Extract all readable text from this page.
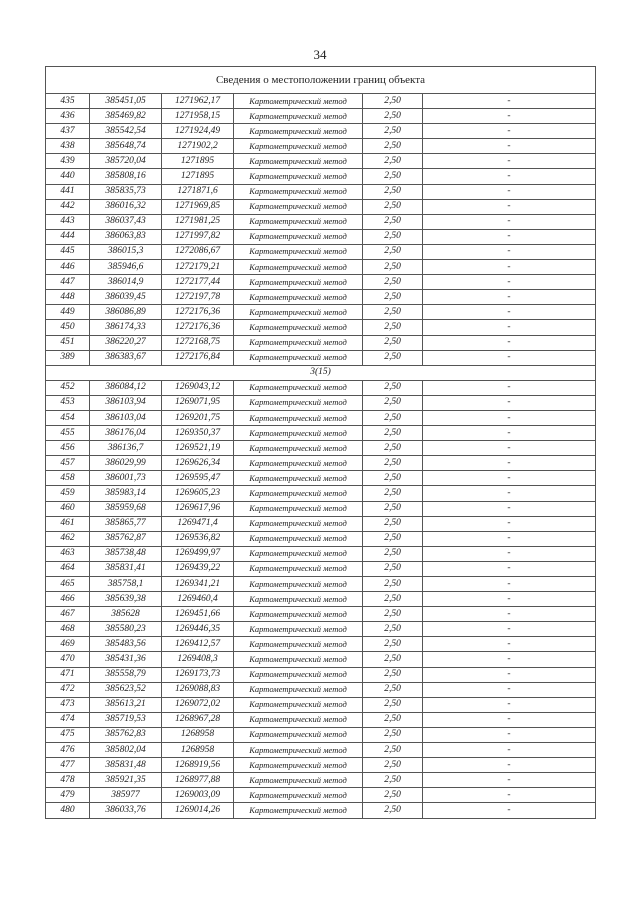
34
Сведения о местоположении границ объекта					
435	385451,05	1271962,17	Картометрический метод	2,50	-
436	385469,82	1271958,15	Картометрический метод	2,50	-
437	385542,54	1271924,49	Картометрический метод	2,50	-
438	385648,74	1271902,2	Картометрический метод	2,50	-
439	385720,04	1271895	Картометрический метод	2,50	-
440	385808,16	1271895	Картометрический метод	2,50	-
441	385835,73	1271871,6	Картометрический метод	2,50	-
442	386016,32	1271969,85	Картометрический метод	2,50	-
443	386037,43	1271981,25	Картометрический метод	2,50	-
444	386063,83	1271997,82	Картометрический метод	2,50	-
445	386015,3	1272086,67	Картометрический метод	2,50	-
446	385946,6	1272179,21	Картометрический метод	2,50	-
447	386014,9	1272177,44	Картометрический метод	2,50	-
448	386039,45	1272197,78	Картометрический метод	2,50	-
449	386086,89	1272176,36	Картометрический метод	2,50	-
450	386174,33	1272176,36	Картометрический метод	2,50	-
451	386220,27	1272168,75	Картометрический метод	2,50	-
389	386383,67	1272176,84	Картометрический метод	2,50	-
3(15)					
452	386084,12	1269043,12	Картометрический метод	2,50	-
453	386103,94	1269071,95	Картометрический метод	2,50	-
454	386103,04	1269201,75	Картометрический метод	2,50	-
455	386176,04	1269350,37	Картометрический метод	2,50	-
456	386136,7	1269521,19	Картометрический метод	2,50	-
457	386029,99	1269626,34	Картометрический метод	2,50	-
458	386001,73	1269595,47	Картометрический метод	2,50	-
459	385983,14	1269605,23	Картометрический метод	2,50	-
460	385959,68	1269617,96	Картометрический метод	2,50	-
461	385865,77	1269471,4	Картометрический метод	2,50	-
462	385762,87	1269536,82	Картометрический метод	2,50	-
463	385738,48	1269499,97	Картометрический метод	2,50	-
464	385831,41	1269439,22	Картометрический метод	2,50	-
465	385758,1	1269341,21	Картометрический метод	2,50	-
466	385639,38	1269460,4	Картометрический метод	2,50	-
467	385628	1269451,66	Картометрический метод	2,50	-
468	385580,23	1269446,35	Картометрический метод	2,50	-
469	385483,56	1269412,57	Картометрический метод	2,50	-
470	385431,36	1269408,3	Картометрический метод	2,50	-
471	385558,79	1269173,73	Картометрический метод	2,50	-
472	385623,52	1269088,83	Картометрический метод	2,50	-
473	385613,21	1269072,02	Картометрический метод	2,50	-
474	385719,53	1268967,28	Картометрический метод	2,50	-
475	385762,83	1268958	Картометрический метод	2,50	-
476	385802,04	1268958	Картометрический метод	2,50	-
477	385831,48	1268919,56	Картометрический метод	2,50	-
478	385921,35	1268977,88	Картометрический метод	2,50	-
479	385977	1269003,09	Картометрический метод	2,50	-
480	386033,76	1269014,26	Картометрический метод	2,50	-
